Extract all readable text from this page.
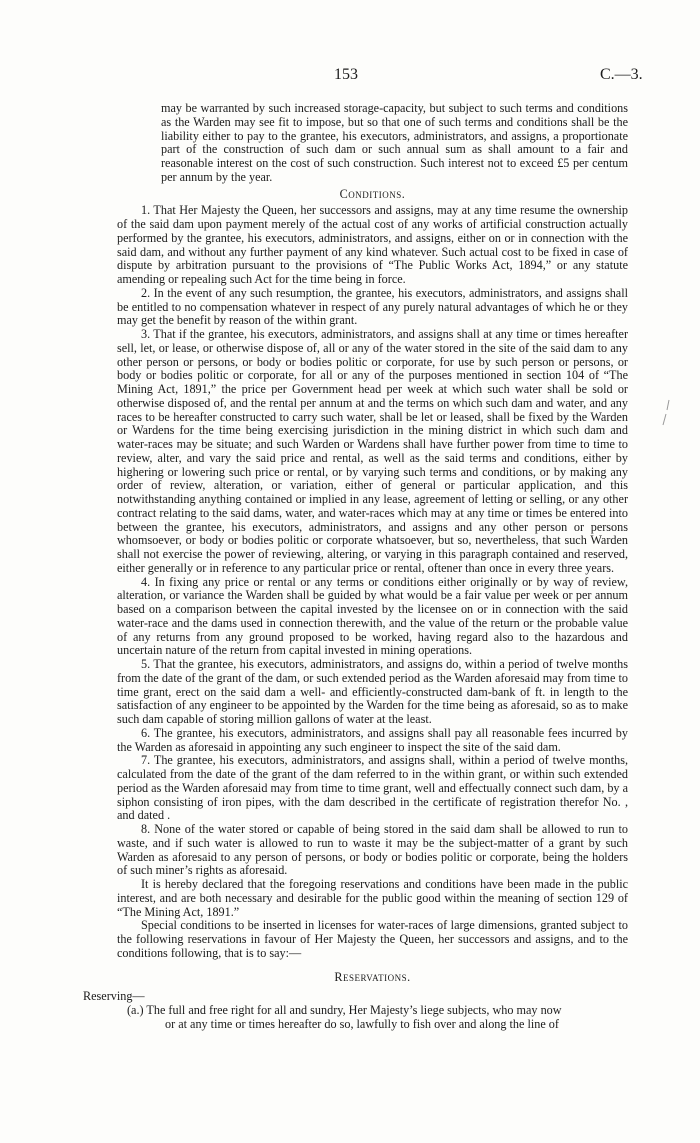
153	C.—3.

may be warranted by such increased storage-capacity, but subject to such terms and conditions as the Warden may see fit to impose, but so that one of such terms and conditions shall be the liability either to pay to the grantee, his executors, administrators, and assigns, a proportionate part of the construction of such dam or such annual sum as shall amount to a fair and reasonable interest on the cost of such construction. Such interest not to exceed £5 per centum per annum by the year.

Conditions.

1. That Her Majesty the Queen, her successors and assigns, may at any time resume the ownership of the said dam upon payment merely of the actual cost of any works of artificial construction actually performed by the grantee, his executors, administrators, and assigns, either on or in connection with the said dam, and without any further payment of any kind whatever. Such actual cost to be fixed in case of dispute by arbitration pursuant to the provisions of “The Public Works Act, 1894,” or any statute amending or repealing such Act for the time being in force.

2. In the event of any such resumption, the grantee, his executors, administrators, and assigns shall be entitled to no compensation whatever in respect of any purely natural advantages of which he or they may get the benefit by reason of the within grant.

3. That if the grantee, his executors, administrators, and assigns shall at any time or times hereafter sell, let, or lease, or otherwise dispose of, all or any of the water stored in the site of the said dam to any other person or persons, or body or bodies politic or corporate, for use by such person or persons, or body or bodies politic or corporate, for all or any of the purposes mentioned in section 104 of “The Mining Act, 1891,” the price per Government head per week at which such water shall be sold or otherwise disposed of, and the rental per annum at and the terms on which such dam and water, and any races to be hereafter constructed to carry such water, shall be let or leased, shall be fixed by the Warden or Wardens for the time being exercising jurisdiction in the mining district in which such dam and water-races may be situate; and such Warden or Wardens shall have further power from time to time to review, alter, and vary the said price and rental, as well as the said terms and conditions, either by highering or lowering such price or rental, or by varying such terms and conditions, or by making any order of review, alteration, or variation, either of general or particular application, and this notwithstanding anything contained or implied in any lease, agreement of letting or selling, or any other contract relating to the said dams, water, and water-races which may at any time or times be entered into between the grantee, his executors, administrators, and assigns and any other person or persons whomsoever, or body or bodies politic or corporate whatsoever, but so, nevertheless, that such Warden shall not exercise the power of reviewing, altering, or varying in this paragraph contained and reserved, either generally or in reference to any particular price or rental, oftener than once in every three years.

4. In fixing any price or rental or any terms or conditions either originally or by way of review, alteration, or variance the Warden shall be guided by what would be a fair value per week or per annum based on a comparison between the capital invested by the licensee on or in connection with the said water-race and the dams used in connection therewith, and the value of the return or the probable value of any returns from any ground proposed to be worked, having regard also to the hazardous and uncertain nature of the return from capital invested in mining operations.

5. That the grantee, his executors, administrators, and assigns do, within a period of twelve months from the date of the grant of the dam, or such extended period as the Warden aforesaid may from time to time grant, erect on the said dam a well- and efficiently-constructed dam-bank of ft. in length to the satisfaction of any engineer to be appointed by the Warden for the time being as aforesaid, so as to make such dam capable of storing million gallons of water at the least.

6. The grantee, his executors, administrators, and assigns shall pay all reasonable fees incurred by the Warden as aforesaid in appointing any such engineer to inspect the site of the said dam.

7. The grantee, his executors, administrators, and assigns shall, within a period of twelve months, calculated from the date of the grant of the dam referred to in the within grant, or within such extended period as the Warden aforesaid may from time to time grant, well and effectually connect such dam, by a siphon consisting of iron pipes, with the dam described in the certificate of registration therefor No. , and dated .

8. None of the water stored or capable of being stored in the said dam shall be allowed to run to waste, and if such water is allowed to run to waste it may be the subject-matter of a grant by such Warden as aforesaid to any person of persons, or body or bodies politic or corporate, being the holders of such miner’s rights as aforesaid.

It is hereby declared that the foregoing reservations and conditions have been made in the public interest, and are both necessary and desirable for the public good within the meaning of section 129 of “The Mining Act, 1891.”

Special conditions to be inserted in licenses for water-races of large dimensions, granted subject to the following reservations in favour of Her Majesty the Queen, her successors and assigns, and to the conditions following, that is to say:—

Reservations.

Reserving—

(a.) The full and free right for all and sundry, Her Majesty’s liege subjects, who may now

or at any time or times hereafter do so, lawfully to fish over and along the line of
